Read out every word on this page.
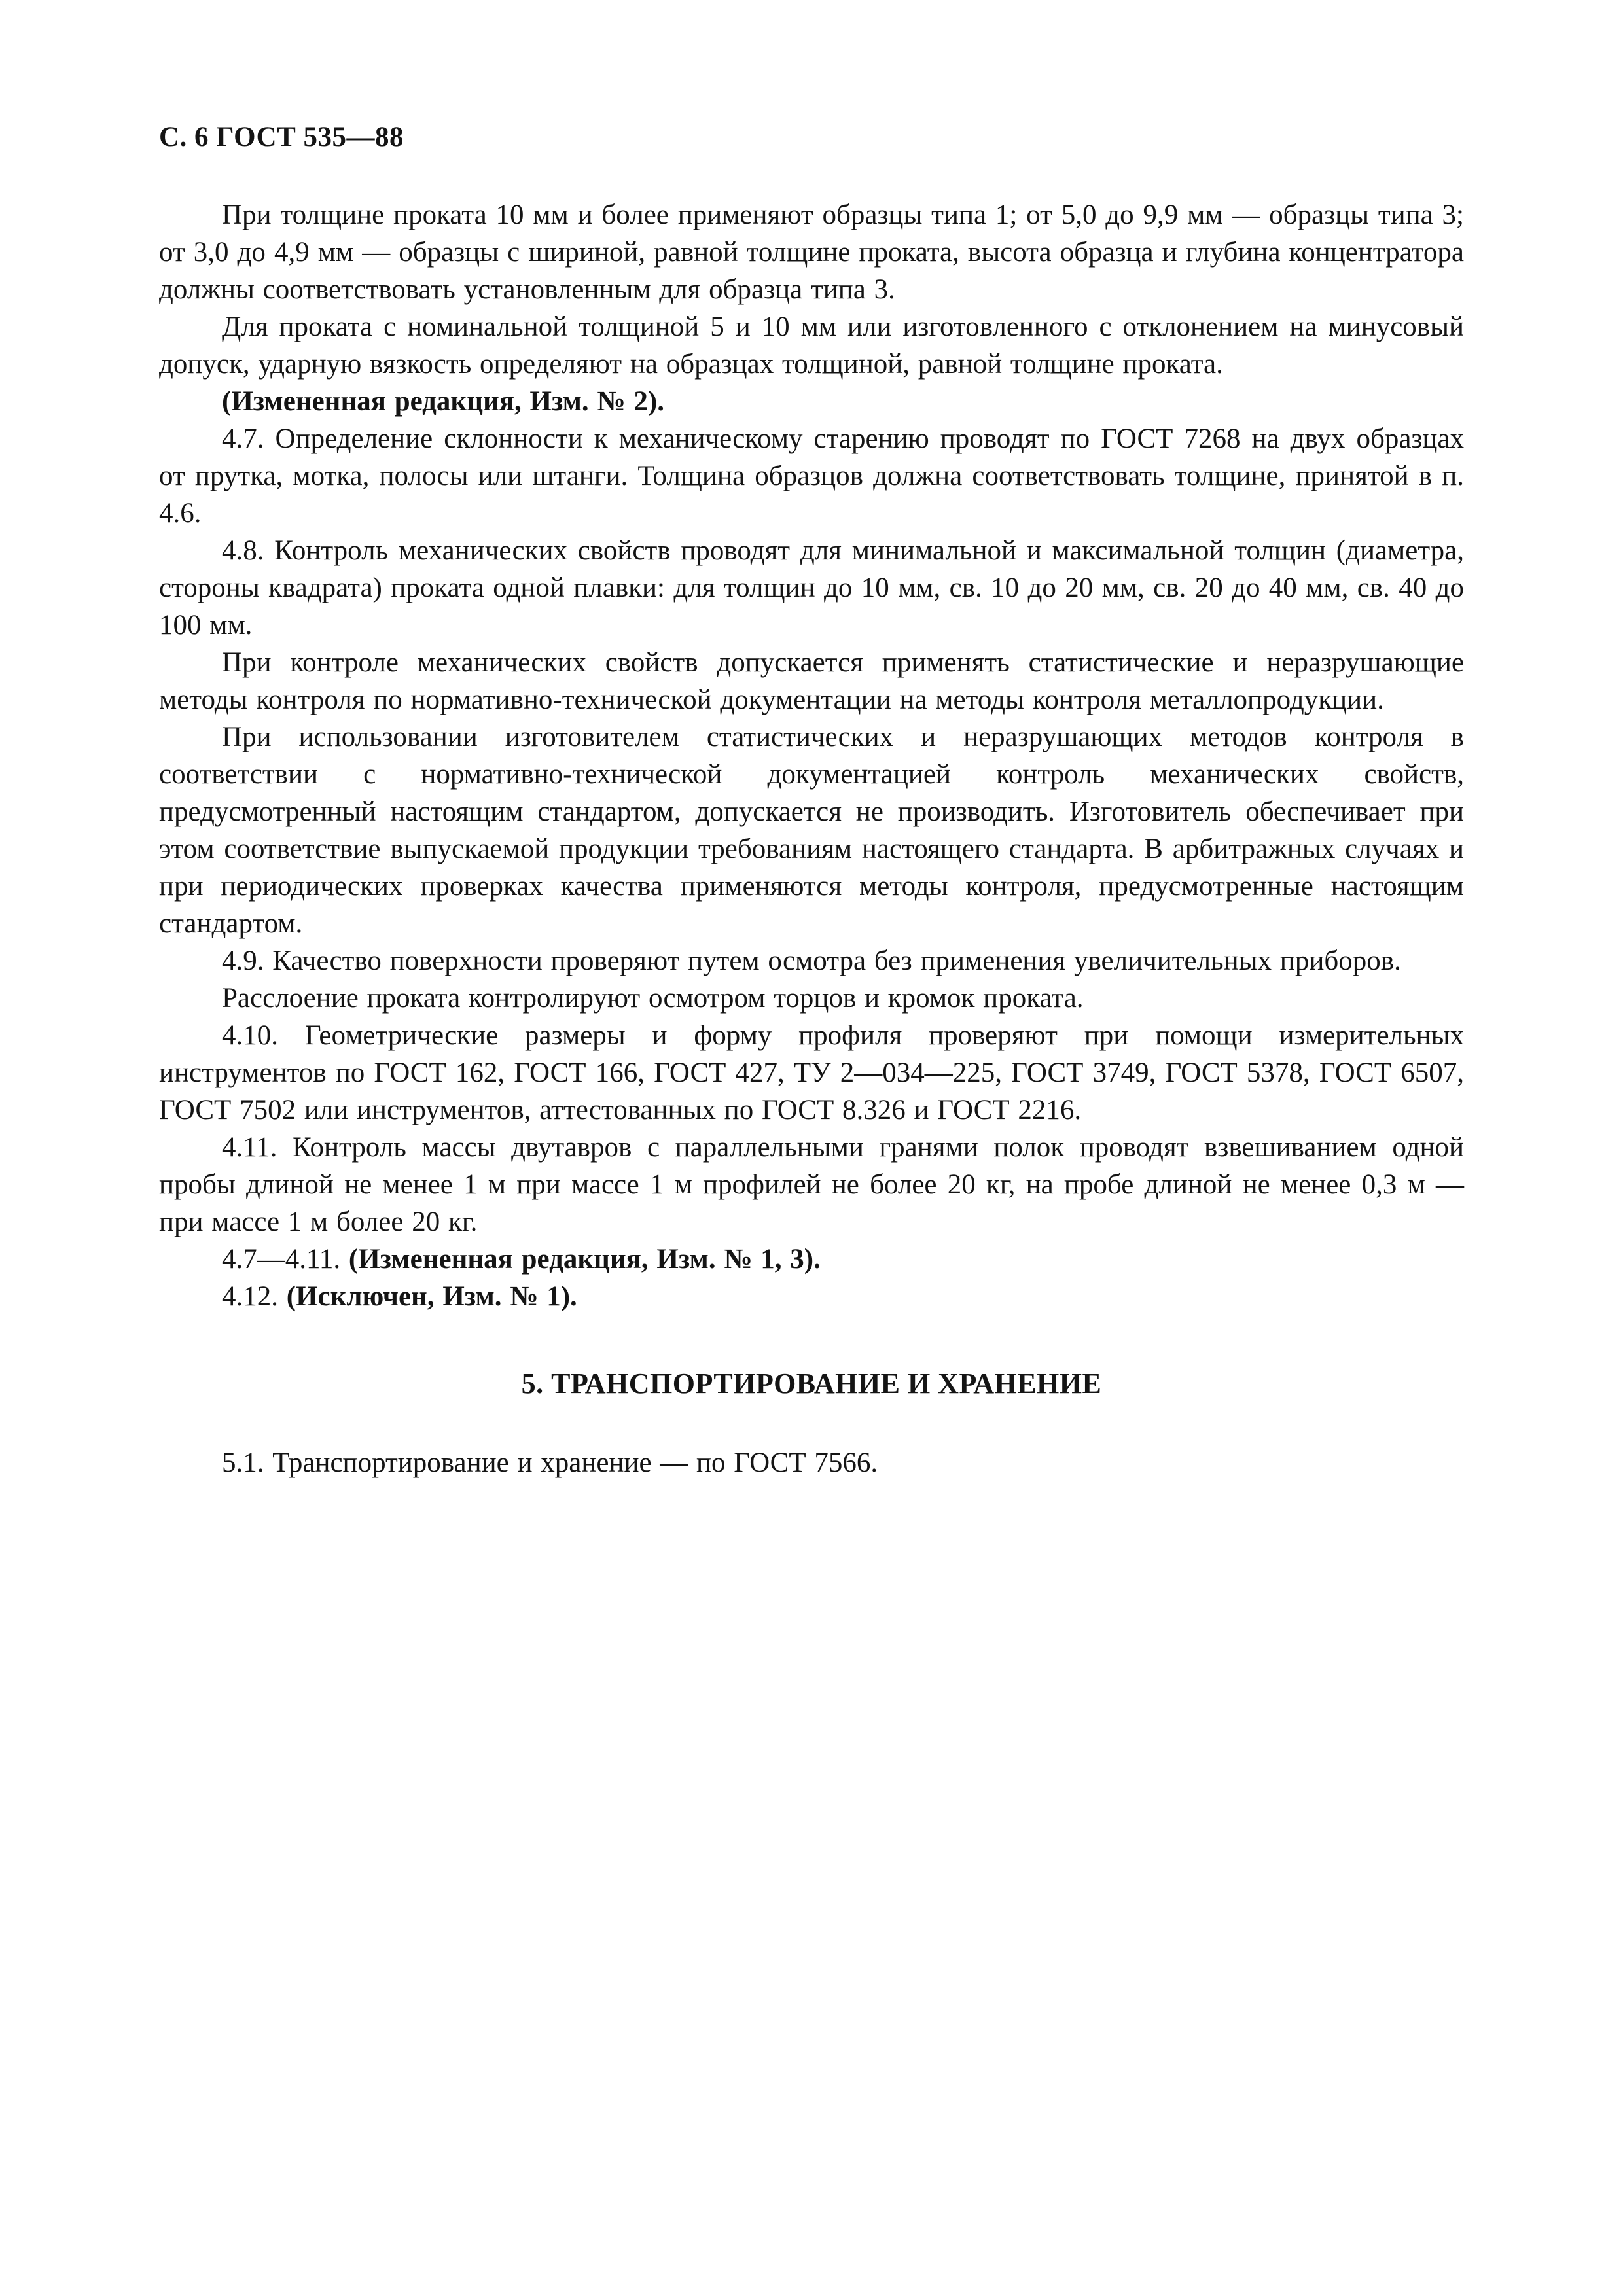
С. 6 ГОСТ 535—88

При толщине проката 10 мм и более применяют образцы типа 1; от 5,0 до 9,9 мм — образцы типа 3; от 3,0 до 4,9 мм — образцы с шириной, равной толщине проката, высота образца и глубина концентратора должны соответствовать установленным для образца типа 3.

Для проката с номинальной толщиной 5 и 10 мм или изготовленного с отклонением на минусовый допуск, ударную вязкость определяют на образцах толщиной, равной толщине проката.

(Измененная редакция, Изм. № 2).

4.7. Определение склонности к механическому старению проводят по ГОСТ 7268 на двух образцах от прутка, мотка, полосы или штанги. Толщина образцов должна соответствовать толщине, принятой в п. 4.6.

4.8. Контроль механических свойств проводят для минимальной и максимальной толщин (диаметра, стороны квадрата) проката одной плавки: для толщин до 10 мм, св. 10 до 20 мм, св. 20 до 40 мм, св. 40 до 100 мм.

При контроле механических свойств допускается применять статистические и неразрушающие методы контроля по нормативно-технической документации на методы контроля металлопродукции.

При использовании изготовителем статистических и неразрушающих методов контроля в соответствии с нормативно-технической документацией контроль механических свойств, предусмотренный настоящим стандартом, допускается не производить. Изготовитель обеспечивает при этом соответствие выпускаемой продукции требованиям настоящего стандарта. В арбитражных случаях и при периодических проверках качества применяются методы контроля, предусмотренные настоящим стандартом.

4.9. Качество поверхности проверяют путем осмотра без применения увеличительных приборов.

Расслоение проката контролируют осмотром торцов и кромок проката.

4.10. Геометрические размеры и форму профиля проверяют при помощи измерительных инструментов по ГОСТ 162, ГОСТ 166, ГОСТ 427, ТУ 2—034—225, ГОСТ 3749, ГОСТ 5378, ГОСТ 6507, ГОСТ 7502 или инструментов, аттестованных по ГОСТ 8.326 и ГОСТ 2216.

4.11. Контроль массы двутавров с параллельными гранями полок проводят взвешиванием одной пробы длиной не менее 1 м при массе 1 м профилей не более 20 кг, на пробе длиной не менее 0,3 м — при массе 1 м более 20 кг.

4.7—4.11. (Измененная редакция, Изм. № 1, 3).

4.12. (Исключен, Изм. № 1).

5. ТРАНСПОРТИРОВАНИЕ И ХРАНЕНИЕ

5.1. Транспортирование и хранение — по ГОСТ 7566.
